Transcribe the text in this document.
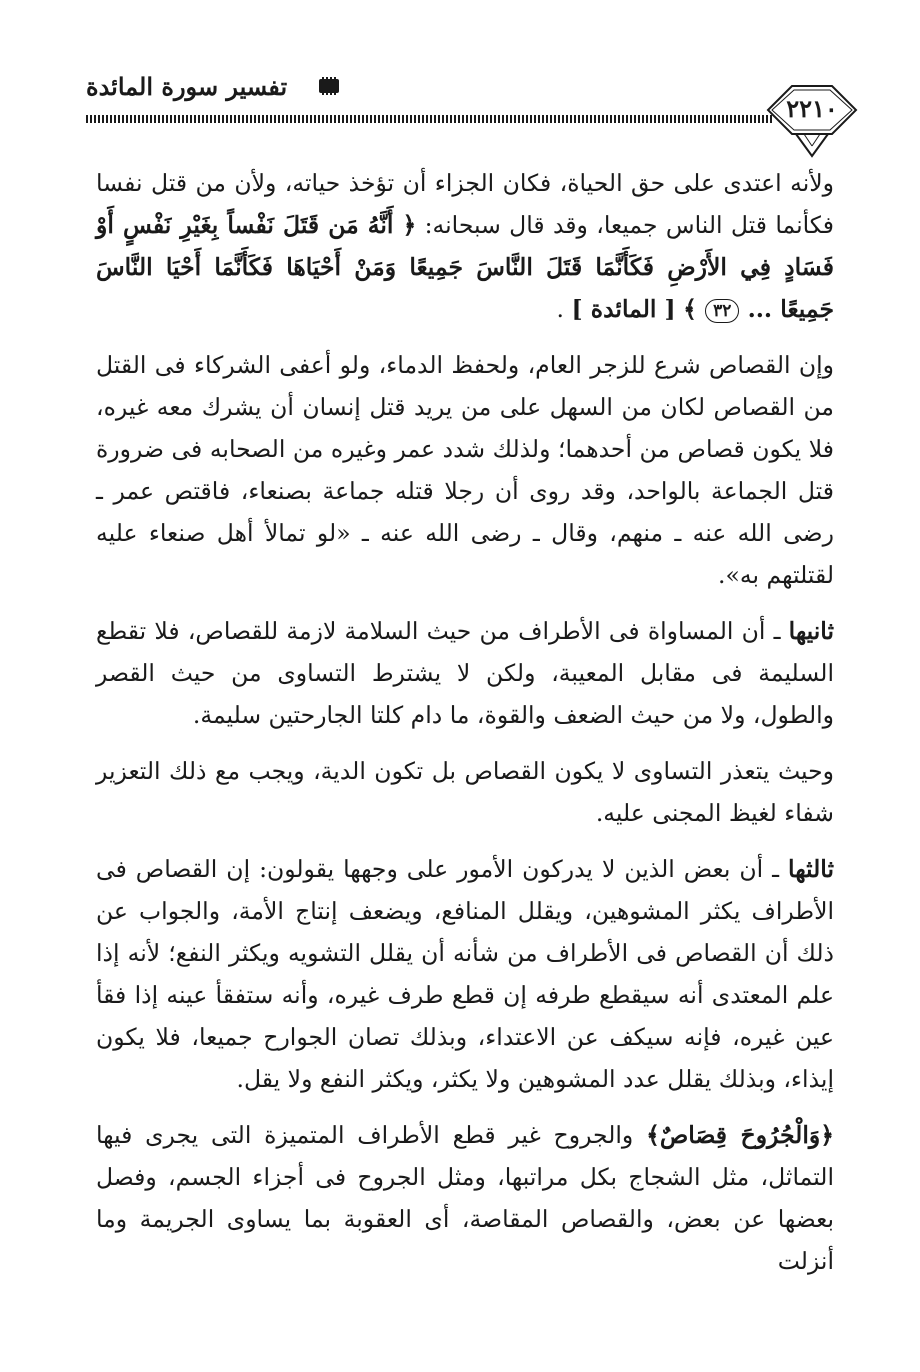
تفسير سورة المائدة
٢٢١٠

ولأنه اعتدى على حق الحياة، فكان الجزاء أن تؤخذ حياته، ولأن من قتل نفسا فكأنما قتل الناس جميعا، وقد قال سبحانه: ﴿ أَنَّهُ مَن قَتَلَ نَفْساً بِغَيْرِ نَفْسٍ أَوْ فَسَادٍ فِي الأَرْضِ فَكَأَنَّمَا قَتَلَ النَّاسَ جَمِيعًا وَمَنْ أَحْيَاهَا فَكَأَنَّمَا أَحْيَا النَّاسَ جَمِيعًا ... ٣٢ ﴾ [ المائدة ] .

وإن القصاص شرع للزجر العام، ولحفظ الدماء، ولو أعفى الشركاء فى القتل من القصاص لكان من السهل على من يريد قتل إنسان أن يشرك معه غيره، فلا يكون قصاص من أحدهما؛ ولذلك شدد عمر وغيره من الصحابه فى ضرورة قتل الجماعة بالواحد، وقد روى أن رجلا قتله جماعة بصنعاء، فاقتص عمر ـ رضى الله عنه ـ منهم، وقال ـ رضى الله عنه ـ «لو تمالأ أهل صنعاء عليه لقتلتهم به».

ثانيها ـ أن المساواة فى الأطراف من حيث السلامة لازمة للقصاص، فلا تقطع السليمة فى مقابل المعيبة، ولكن لا يشترط التساوى من حيث القصر والطول، ولا من حيث الضعف والقوة، ما دام كلتا الجارحتين سليمة.

وحيث يتعذر التساوى لا يكون القصاص بل تكون الدية، ويجب مع ذلك التعزير شفاء لغيظ المجنى عليه.

ثالثها ـ أن بعض الذين لا يدركون الأمور على وجهها يقولون: إن القصاص فى الأطراف يكثر المشوهين، ويقلل المنافع، ويضعف إنتاج الأمة، والجواب عن ذلك أن القصاص فى الأطراف من شأنه أن يقلل التشويه ويكثر النفع؛ لأنه إذا علم المعتدى أنه سيقطع طرفه إن قطع طرف غيره، وأنه ستفقأ عينه إذا فقأ عين غيره، فإنه سيكف عن الاعتداء، وبذلك تصان الجوارح جميعا، فلا يكون إيذاء، وبذلك يقلل عدد المشوهين ولا يكثر، ويكثر النفع ولا يقل.

﴿وَالْجُرُوحَ قِصَاصٌ﴾ والجروح غير قطع الأطراف المتميزة التى يجرى فيها التماثل، مثل الشجاج بكل مراتبها، ومثل الجروح فى أجزاء الجسم، وفصل بعضها عن بعض، والقصاص المقاصة، أى العقوبة بما يساوى الجريمة وما أنزلت
